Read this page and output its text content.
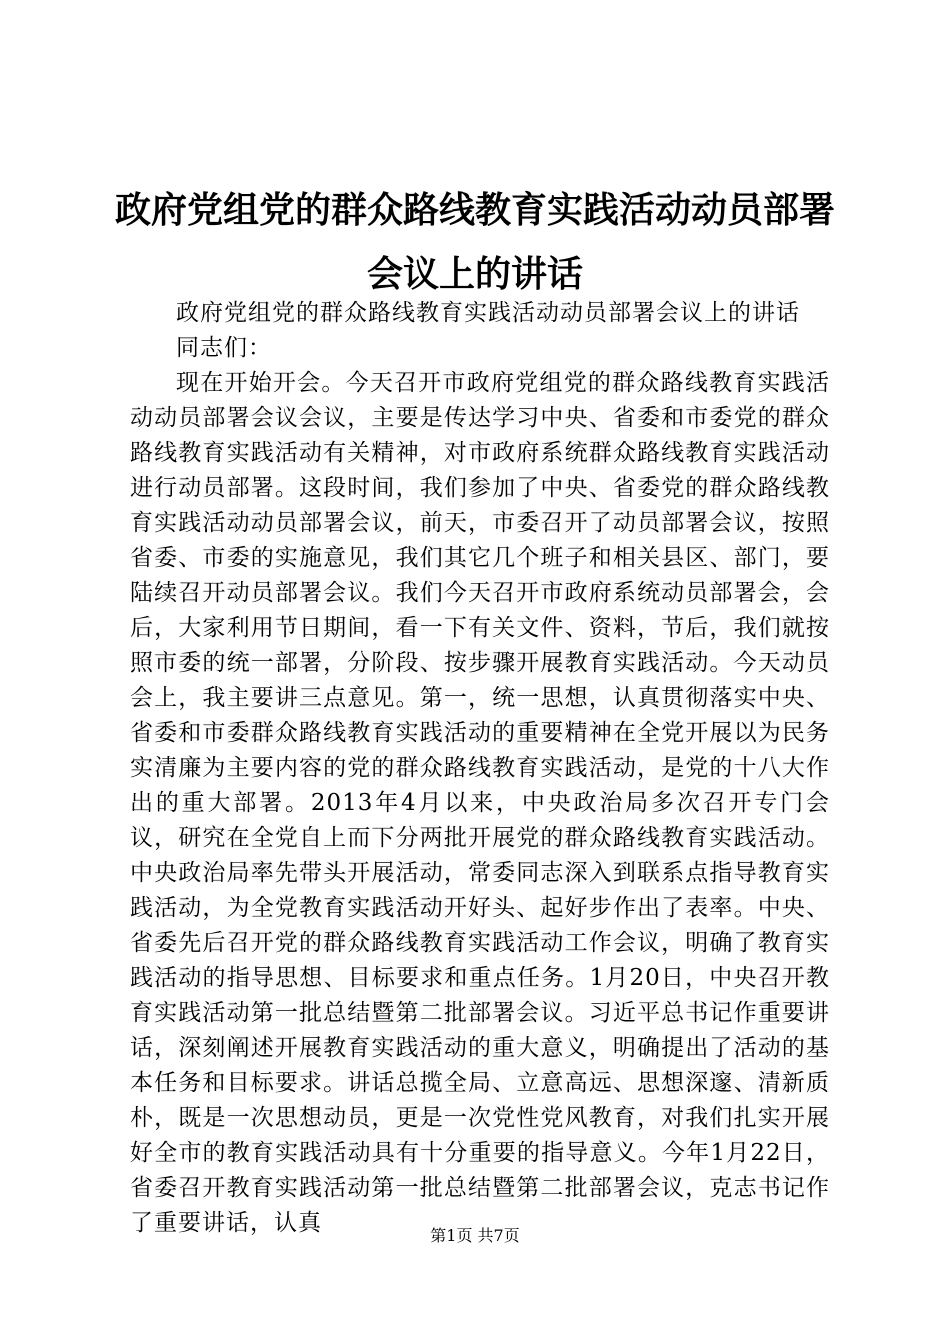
政府党组党的群众路线教育实践活动动员部署会议上的讲话

政府党组党的群众路线教育实践活动动员部署会议上的讲话

同志们：

现在开始开会。今天召开市政府党组党的群众路线教育实践活动动员部署会议会议，主要是传达学习中央、省委和市委党的群众路线教育实践活动有关精神，对市政府系统群众路线教育实践活动进行动员部署。这段时间，我们参加了中央、省委党的群众路线教育实践活动动员部署会议，前天，市委召开了动员部署会议，按照省委、市委的实施意见，我们其它几个班子和相关县区、部门，要陆续召开动员部署会议。我们今天召开市政府系统动员部署会，会后，大家利用节日期间，看一下有关文件、资料，节后，我们就按照市委的统一部署，分阶段、按步骤开展教育实践活动。今天动员会上，我主要讲三点意见。第一，统一思想，认真贯彻落实中央、省委和市委群众路线教育实践活动的重要精神在全党开展以为民务实清廉为主要内容的党的群众路线教育实践活动，是党的十八大作出的重大部署。2013年4月以来，中央政治局多次召开专门会议，研究在全党自上而下分两批开展党的群众路线教育实践活动。中央政治局率先带头开展活动，常委同志深入到联系点指导教育实践活动，为全党教育实践活动开好头、起好步作出了表率。中央、省委先后召开党的群众路线教育实践活动工作会议，明确了教育实践活动的指导思想、目标要求和重点任务。1月20日，中央召开教育实践活动第一批总结暨第二批部署会议。习近平总书记作重要讲话，深刻阐述开展教育实践活动的重大意义，明确提出了活动的基本任务和目标要求。讲话总揽全局、立意高远、思想深邃、清新质朴，既是一次思想动员，更是一次党性党风教育，对我们扎实开展好全市的教育实践活动具有十分重要的指导意义。今年1月22日，省委召开教育实践活动第一批总结暨第二批部署会议，克志书记作了重要讲话，认真	第1页 共7页
